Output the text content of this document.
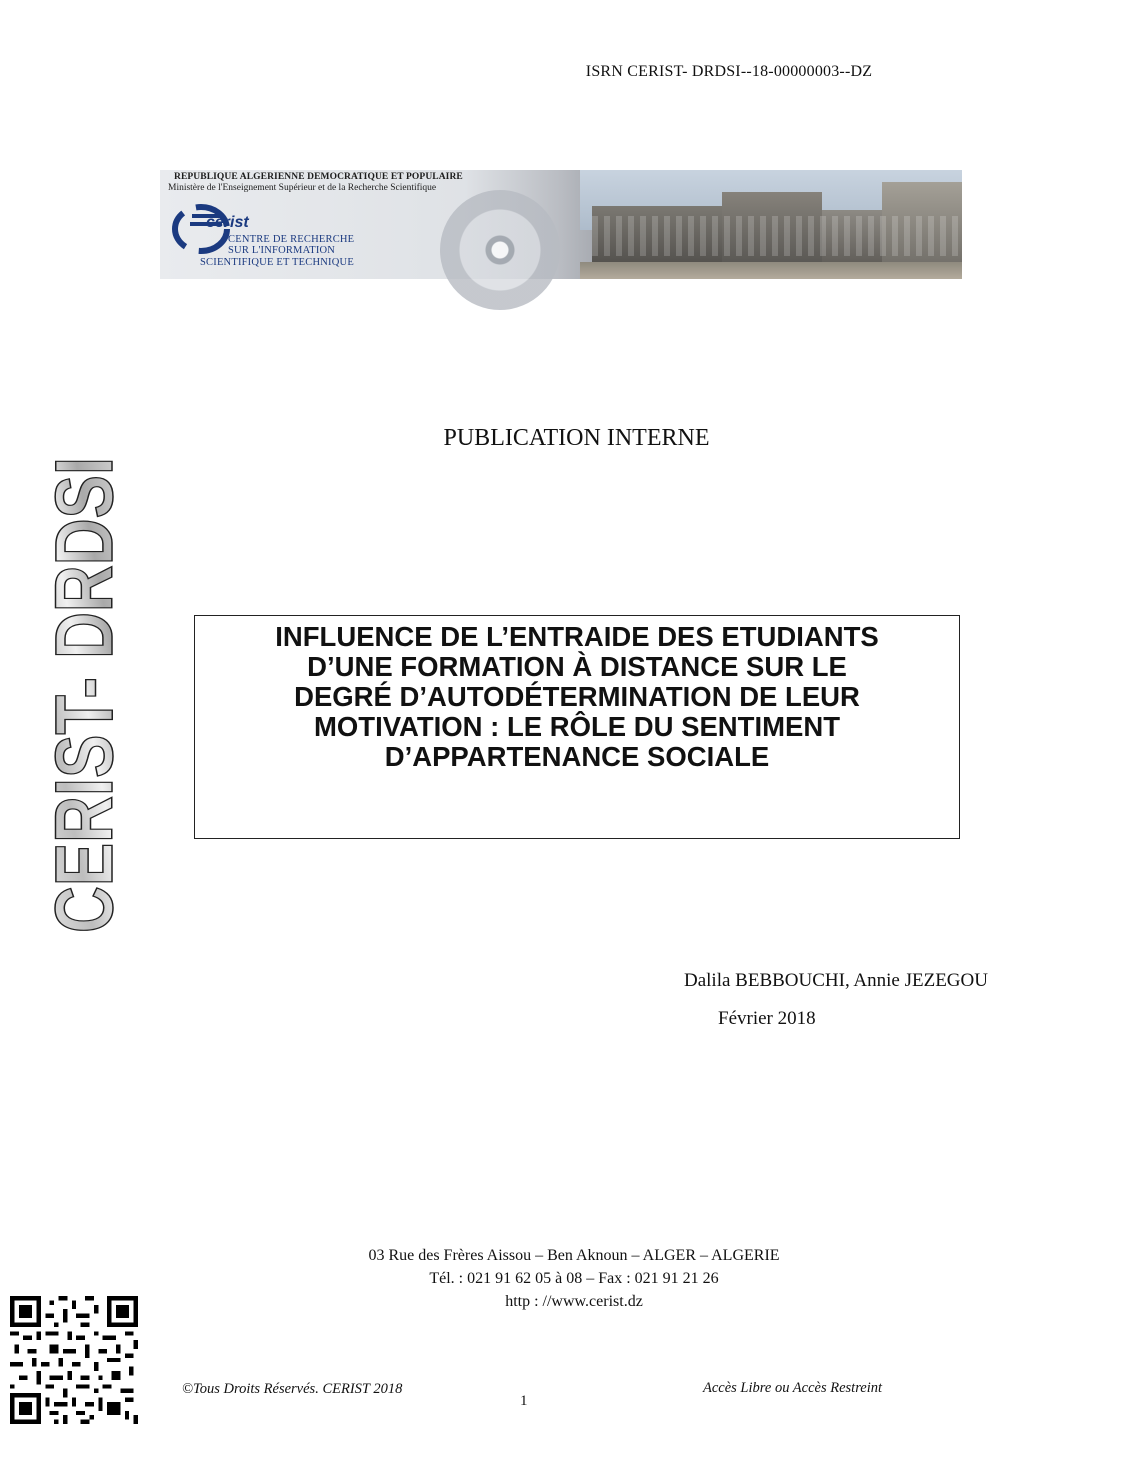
ISRN CERIST- DRDSI--18-00000003--DZ
REPUBLIQUE ALGERIENNE DEMOCRATIQUE ET POPULAIRE
Ministère de l'Enseignement Supérieur et de la Recherche Scientifique
cerist
CENTRE DE RECHERCHE
SUR L'INFORMATION
SCIENTIFIQUE ET TECHNIQUE
CERIST- DRDSI	PUBLICATION INTERNE
INFLUENCE DE L’ENTRAIDE DES ETUDIANTS
D’UNE FORMATION À DISTANCE SUR LE
DEGRÉ D’AUTODÉTERMINATION DE LEUR
MOTIVATION : LE RÔLE DU SENTIMENT
D’APPARTENANCE SOCIALE
Dalila BEBBOUCHI, Annie JEZEGOU
Février 2018
03 Rue des Frères Aissou – Ben Aknoun – ALGER – ALGERIE
Tél. : 021 91 62 05 à 08 – Fax : 021 91 21 26
http : //www.cerist.dz
©Tous Droits Réservés. CERIST 2018
1
Accès Libre ou Accès Restreint
